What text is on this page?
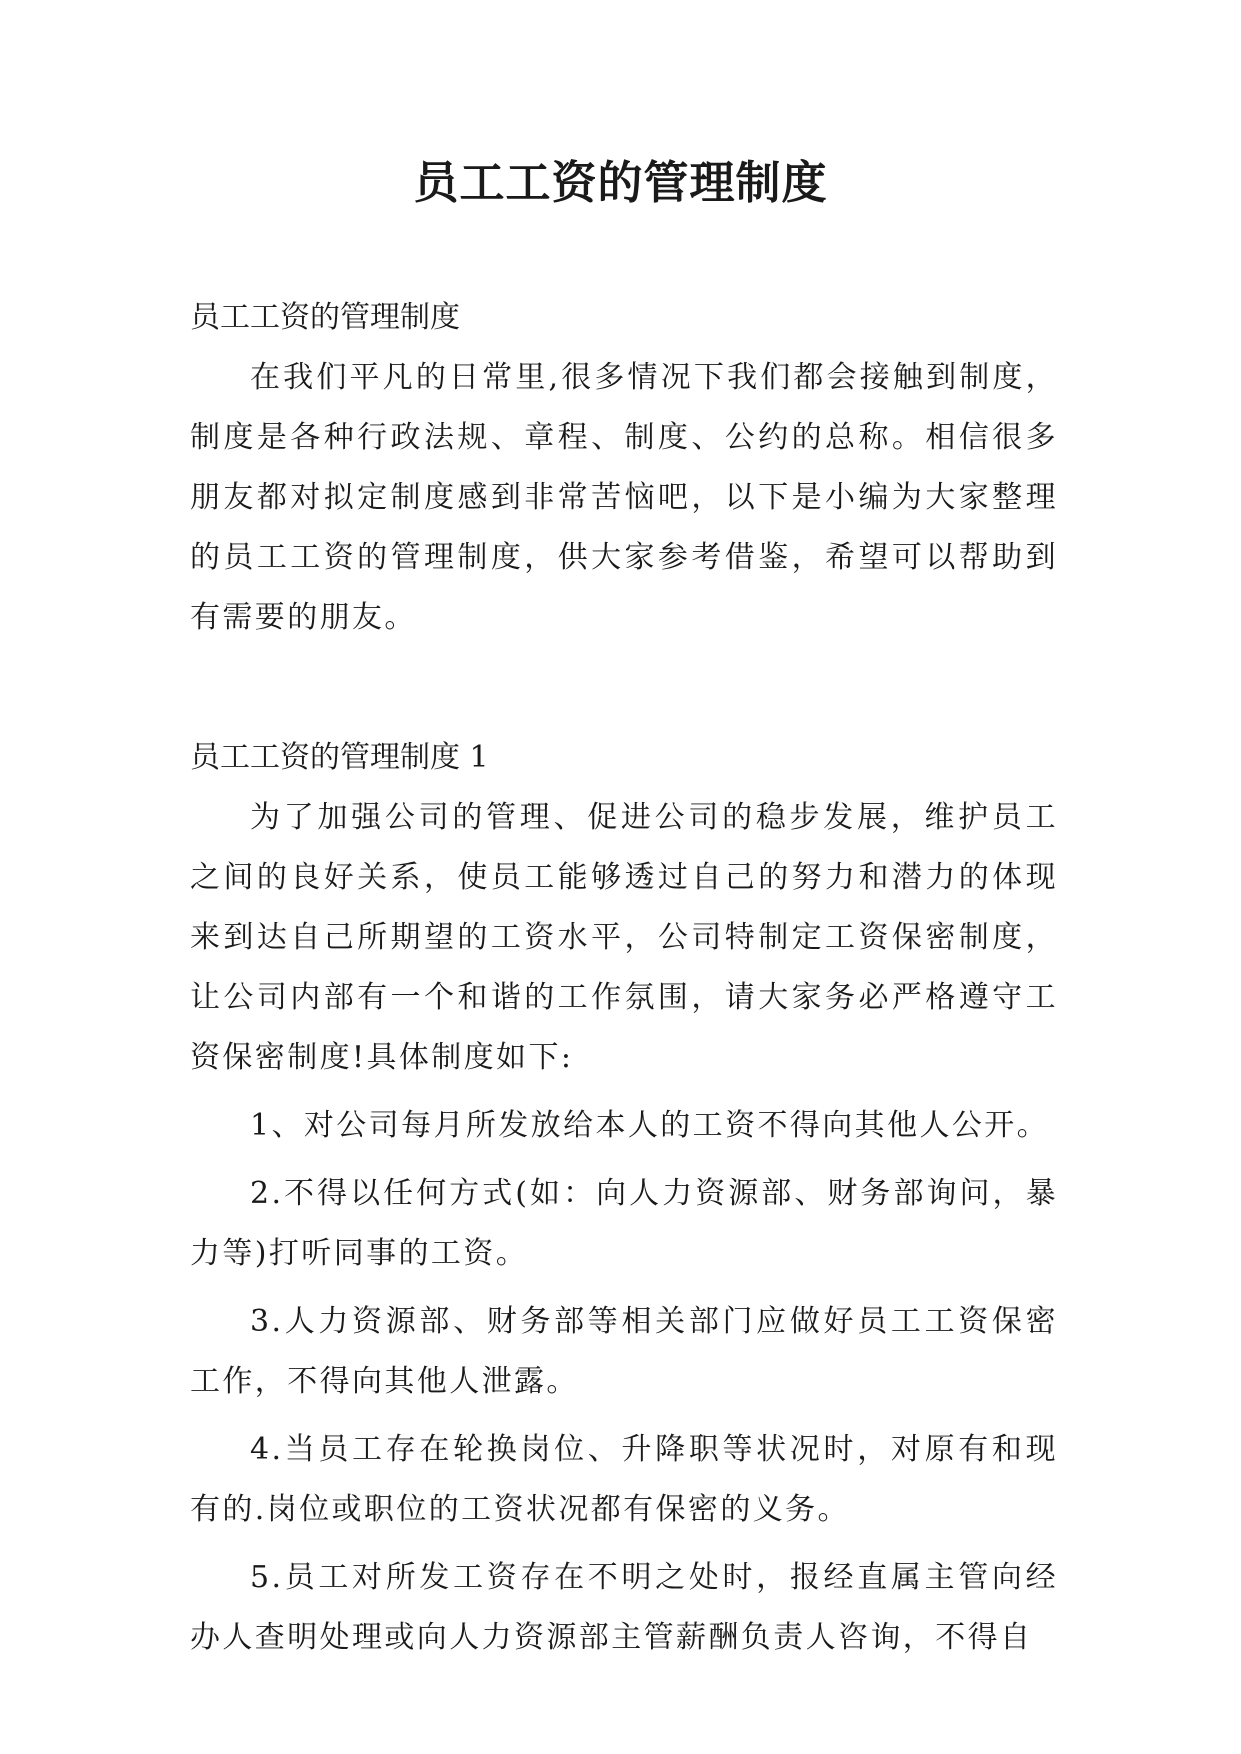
员工工资的管理制度

员工工资的管理制度

在我们平凡的日常里,很多情况下我们都会接触到制度，制度是各种行政法规、章程、制度、公约的总称。相信很多朋友都对拟定制度感到非常苦恼吧，以下是小编为大家整理的员工工资的管理制度，供大家参考借鉴，希望可以帮助到有需要的朋友。

员工工资的管理制度 1

为了加强公司的管理、促进公司的稳步发展，维护员工之间的良好关系，使员工能够透过自己的努力和潜力的体现来到达自己所期望的工资水平，公司特制定工资保密制度，让公司内部有一个和谐的工作氛围，请大家务必严格遵守工资保密制度!具体制度如下:

1、对公司每月所发放给本人的工资不得向其他人公开。

2.不得以任何方式(如：向人力资源部、财务部询问，暴力等)打听同事的工资。

3.人力资源部、财务部等相关部门应做好员工工资保密工作，不得向其他人泄露。

4.当员工存在轮换岗位、升降职等状况时，对原有和现有的.岗位或职位的工资状况都有保密的义务。

5.员工对所发工资存在不明之处时，报经直属主管向经办人查明处理或向人力资源部主管薪酬负责人咨询，不得自
